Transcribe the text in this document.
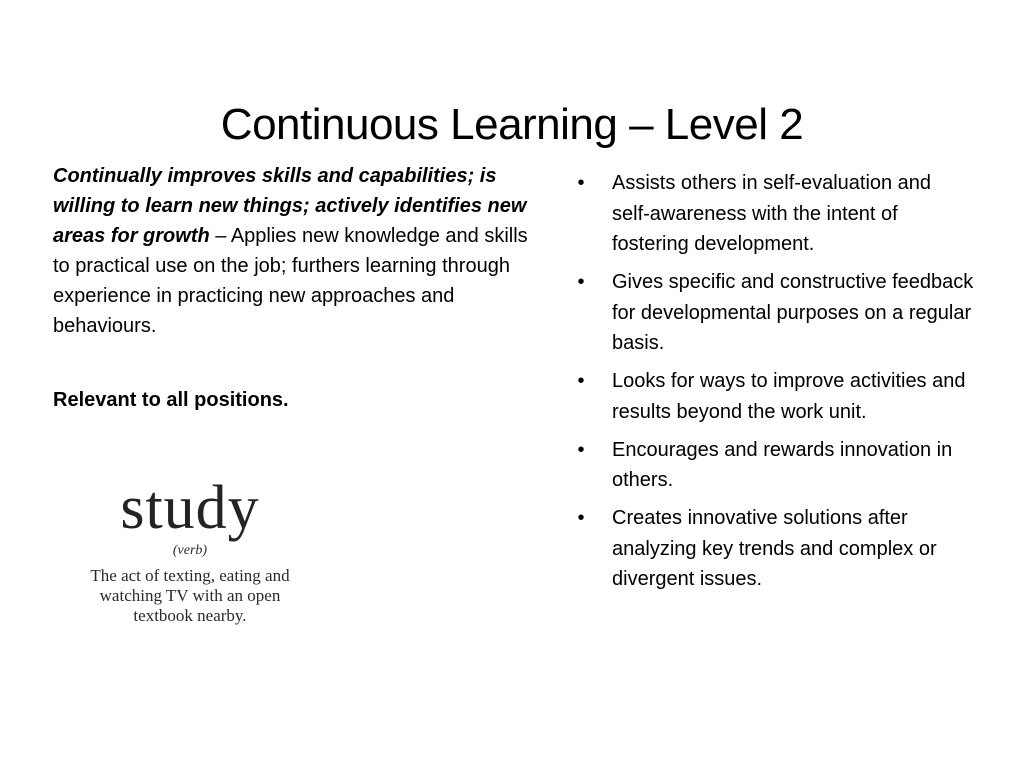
Continuous Learning – Level 2

Continually improves skills and capabilities; is willing to learn new things; actively identifies new areas for growth – Applies new knowledge and skills to practical use on the job; furthers learning through experience in practicing new approaches and behaviours.

Relevant to all positions.

study
(verb)
The act of texting, eating and watching TV with an open textbook nearby.
• Assists others in self-evaluation and self-awareness with the intent of fostering development.
• Gives specific and constructive feedback for developmental purposes on a regular basis.
• Looks for ways to improve activities and results beyond the work unit.
• Encourages and rewards innovation in others.
• Creates innovative solutions after analyzing key trends and complex or divergent issues.
